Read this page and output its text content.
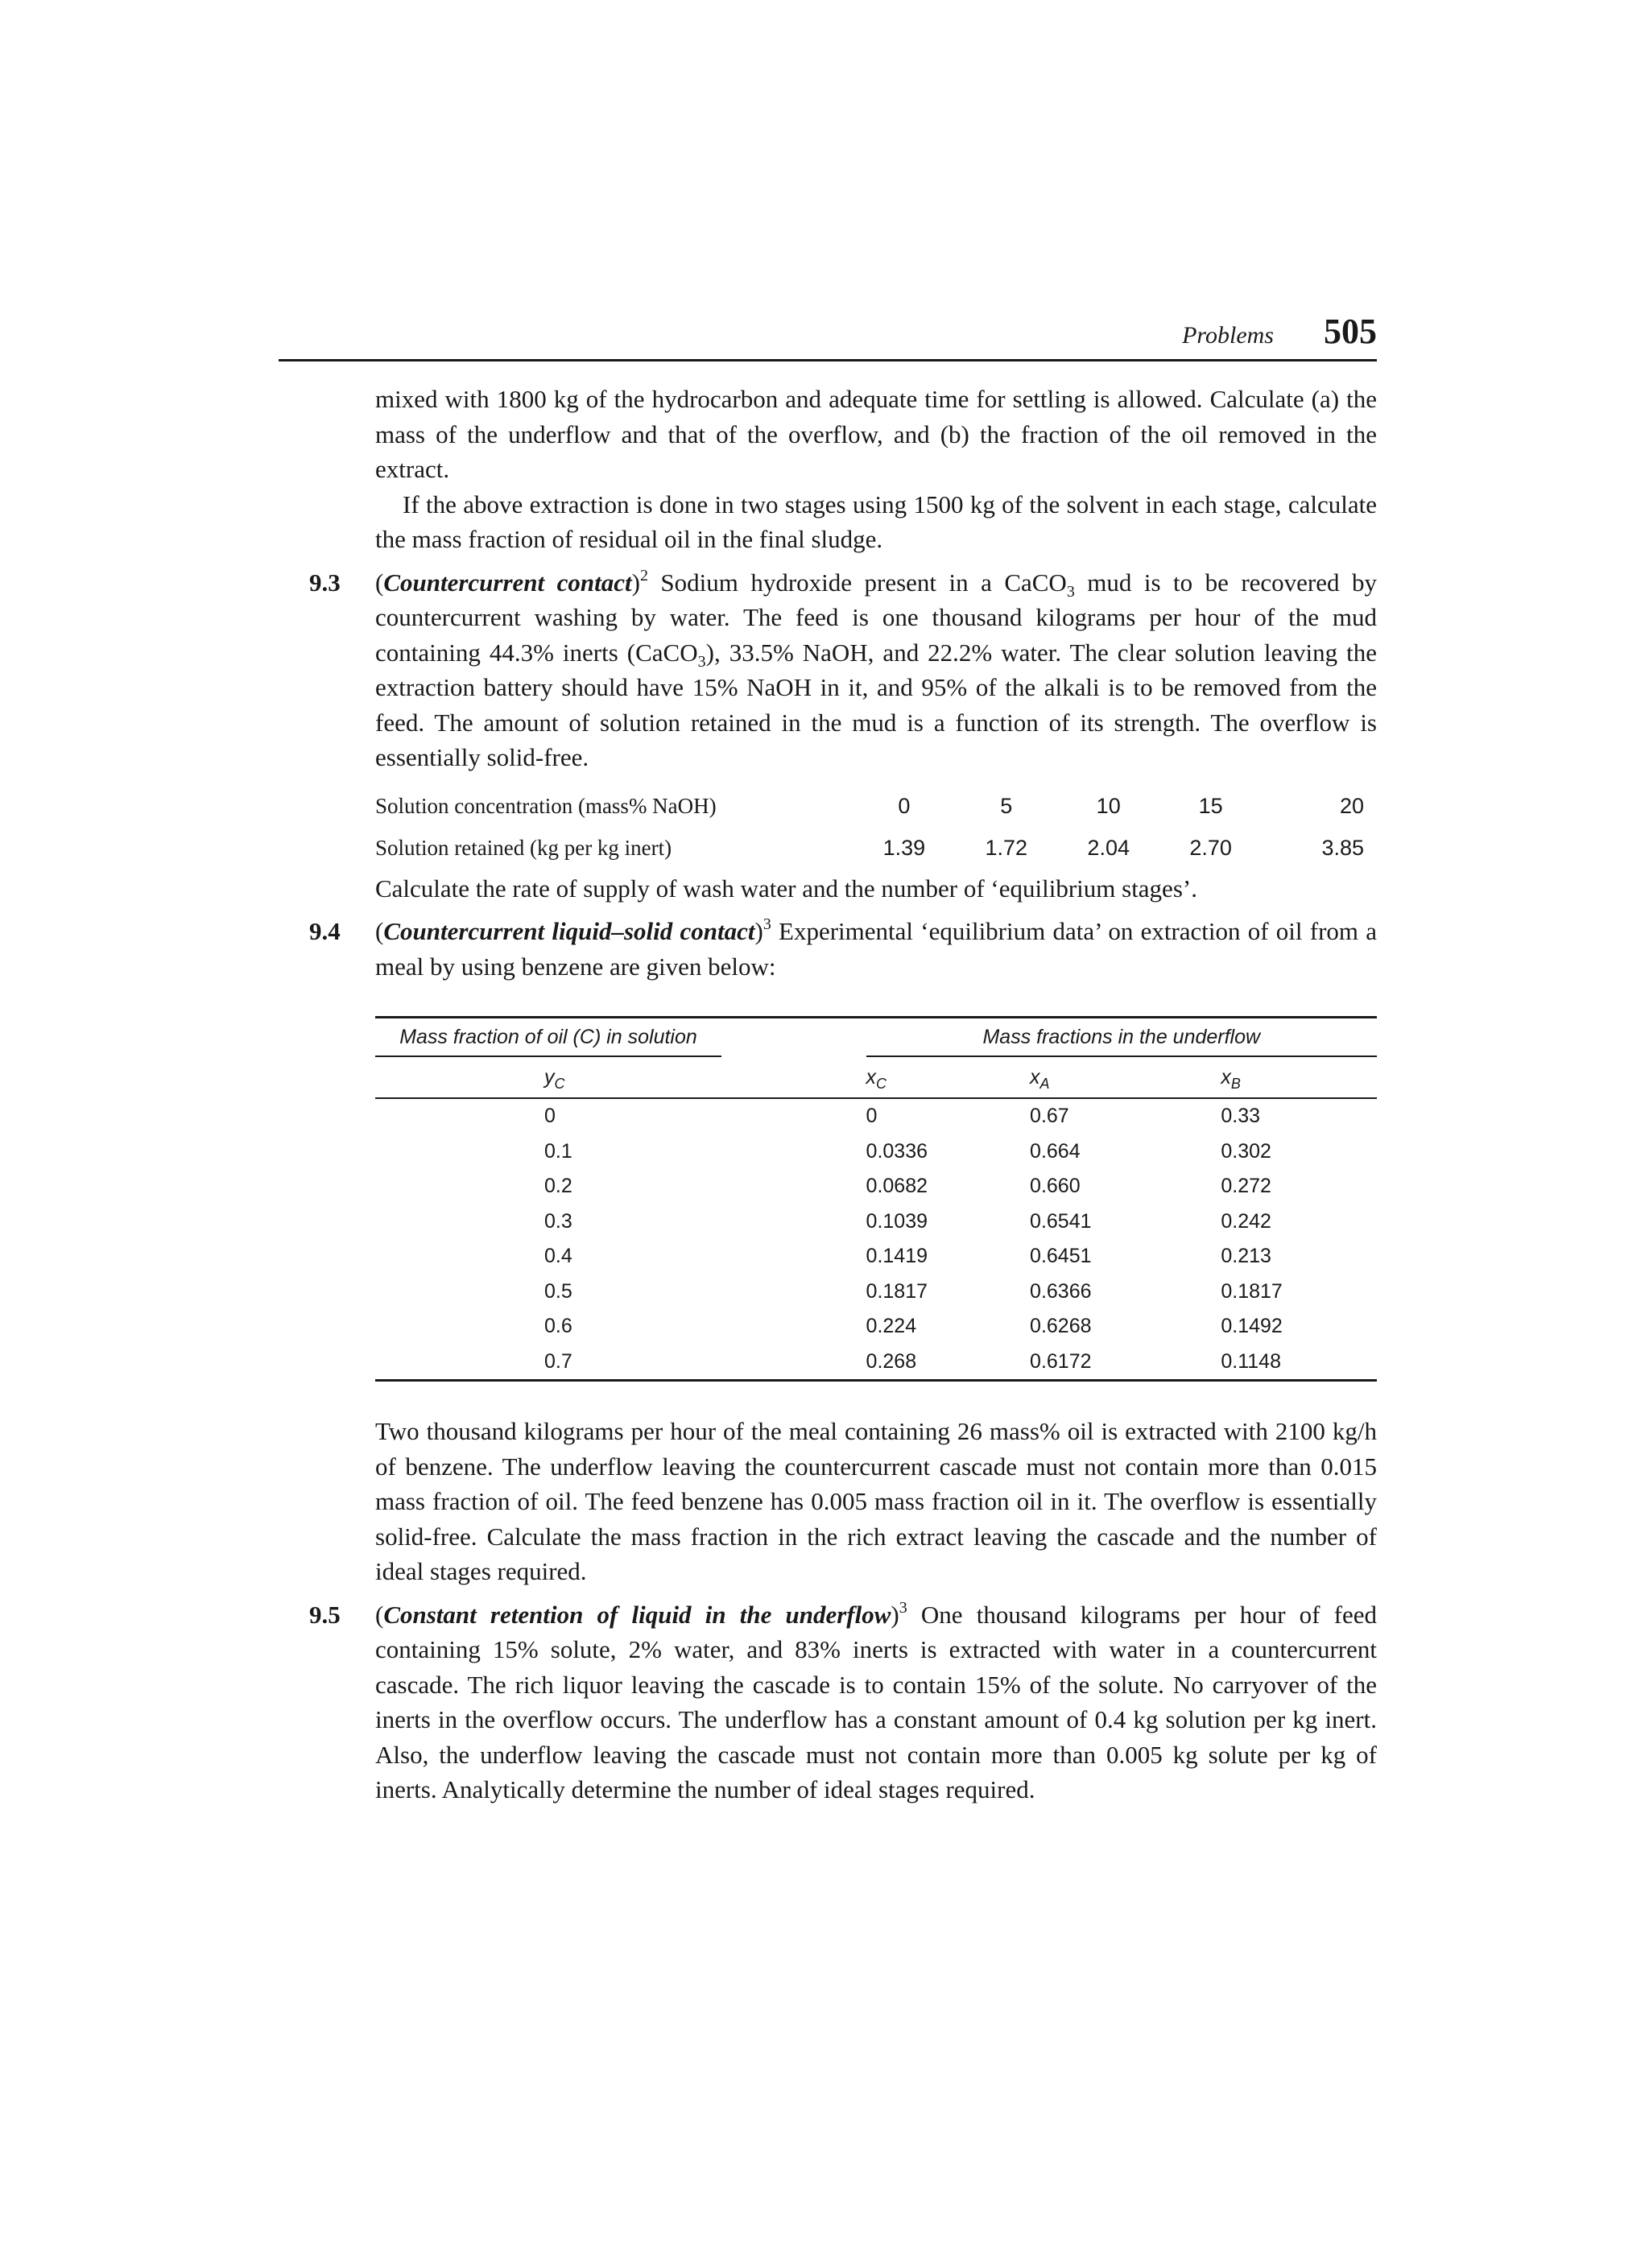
Problems 505

mixed with 1800 kg of the hydrocarbon and adequate time for settling is allowed. Calculate (a) the mass of the underflow and that of the overflow, and (b) the fraction of the oil removed in the extract.

If the above extraction is done in two stages using 1500 kg of the solvent in each stage, calculate the mass fraction of residual oil in the final sludge.

9.3 (Countercurrent contact)$^2$ Sodium hydroxide present in a CaCO$_3$ mud is to be recovered by countercurrent washing by water. The feed is one thousand kilograms per hour of the mud containing 44.3% inerts (CaCO$_3$), 33.5% NaOH, and 22.2% water. The clear solution leaving the extraction battery should have 15% NaOH in it, and 95% of the alkali is to be removed from the feed. The amount of solution retained in the mud is a function of its strength. The overflow is essentially solid-free.

Solution concentration (mass% NaOH)	0	5	10	15	20
Solution retained (kg per kg inert)	1.39	1.72	2.04	2.70	3.85

Calculate the rate of supply of wash water and the number of ‘equilibrium stages’.

9.4 (Countercurrent liquid–solid contact)$^3$ Experimental ‘equilibrium data’ on extraction of oil from a meal by using benzene are given below:

Mass fraction of oil (C) in solution	Mass fractions in the underflow		

$y_C$	$x_C$	$x_A$	$x_B$
0	0	0.67	0.33
0.1	0.0336	0.664	0.302
0.2	0.0682	0.660	0.272
0.3	0.1039	0.6541	0.242
0.4	0.1419	0.6451	0.213
0.5	0.1817	0.6366	0.1817
0.6	0.224	0.6268	0.1492
0.7	0.268	0.6172	0.1148

Two thousand kilograms per hour of the meal containing 26 mass% oil is extracted with 2100 kg/h of benzene. The underflow leaving the countercurrent cascade must not contain more than 0.015 mass fraction of oil. The feed benzene has 0.005 mass fraction oil in it. The overflow is essentially solid-free. Calculate the mass fraction in the rich extract leaving the cascade and the number of ideal stages required.

9.5 (Constant retention of liquid in the underflow)$^3$ One thousand kilograms per hour of feed containing 15% solute, 2% water, and 83% inerts is extracted with water in a countercurrent cascade. The rich liquor leaving the cascade is to contain 15% of the solute. No carryover of the inerts in the overflow occurs. The underflow has a constant amount of 0.4 kg solution per kg inert. Also, the underflow leaving the cascade must not contain more than 0.005 kg solute per kg of inerts. Analytically determine the number of ideal stages required.
